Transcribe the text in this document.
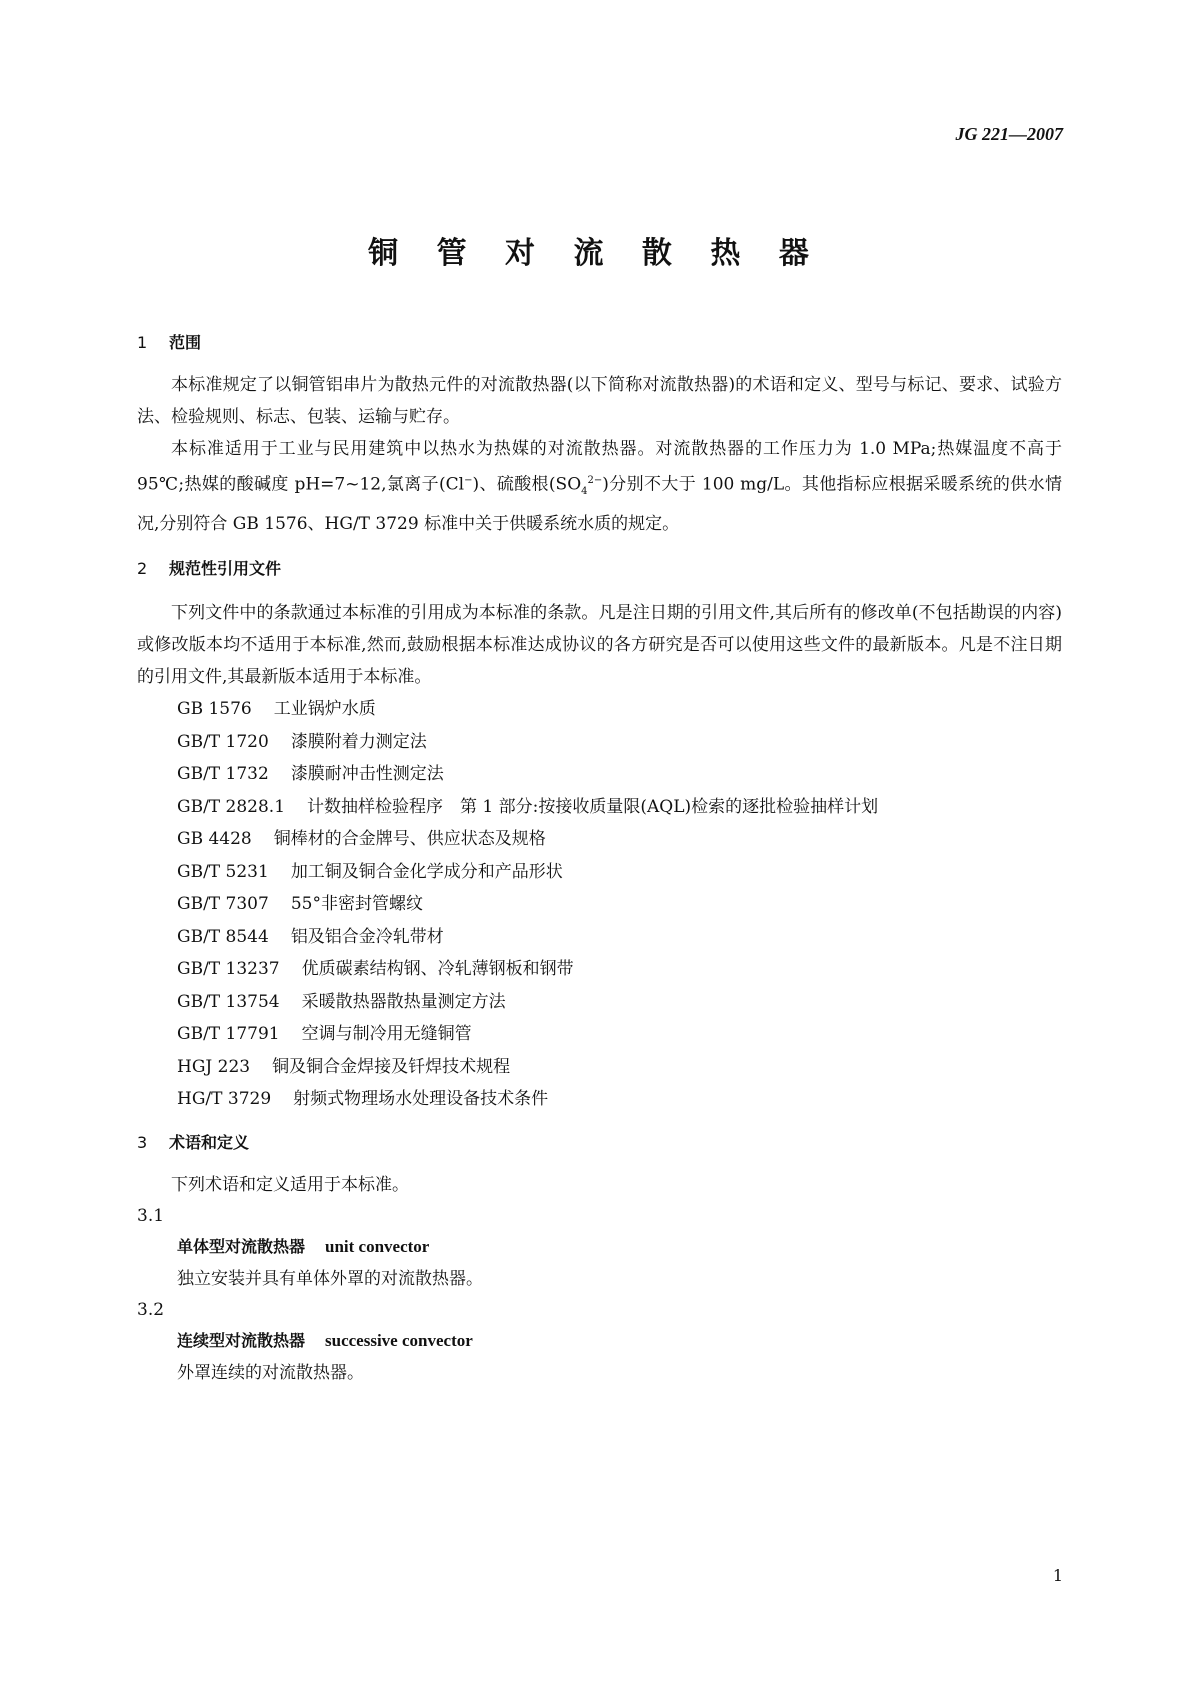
JG 221—2007
铜 管 对 流 散 热 器

1 范围

本标准规定了以铜管铝串片为散热元件的对流散热器(以下简称对流散热器)的术语和定义、型号与标记、要求、试验方法、检验规则、标志、包装、运输与贮存。

本标准适用于工业与民用建筑中以热水为热媒的对流散热器。对流散热器的工作压力为 1.0 MPa;热媒温度不高于 95℃;热媒的酸碱度 pH=7~12,氯离子(Cl−)、硫酸根$(SO_4^{2-})$分别不大于 100 mg/L。其他指标应根据采暖系统的供水情况,分别符合 GB 1576、HG/T 3729 标准中关于供暖系统水质的规定。

2 规范性引用文件

下列文件中的条款通过本标准的引用成为本标准的条款。凡是注日期的引用文件,其后所有的修改单(不包括勘误的内容)或修改版本均不适用于本标准,然而,鼓励根据本标准达成协议的各方研究是否可以使用这些文件的最新版本。凡是不注日期的引用文件,其最新版本适用于本标准。

GB 1576 工业锅炉水质

GB/T 1720 漆膜附着力测定法

GB/T 1732 漆膜耐冲击性测定法

GB/T 2828.1 计数抽样检验程序　第 1 部分:按接收质量限(AQL)检索的逐批检验抽样计划

GB 4428 铜棒材的合金牌号、供应状态及规格

GB/T 5231 加工铜及铜合金化学成分和产品形状

GB/T 7307 55°非密封管螺纹

GB/T 8544 铝及铝合金冷轧带材

GB/T 13237 优质碳素结构钢、冷轧薄钢板和钢带

GB/T 13754 采暖散热器散热量测定方法

GB/T 17791 空调与制冷用无缝铜管

HGJ 223 铜及铜合金焊接及钎焊技术规程

HG/T 3729 射频式物理场水处理设备技术条件

3 术语和定义

下列术语和定义适用于本标准。

3.1

单体型对流散热器 unit convector

独立安装并具有单体外罩的对流散热器。

3.2

连续型对流散热器 successive convector

外罩连续的对流散热器。

1
